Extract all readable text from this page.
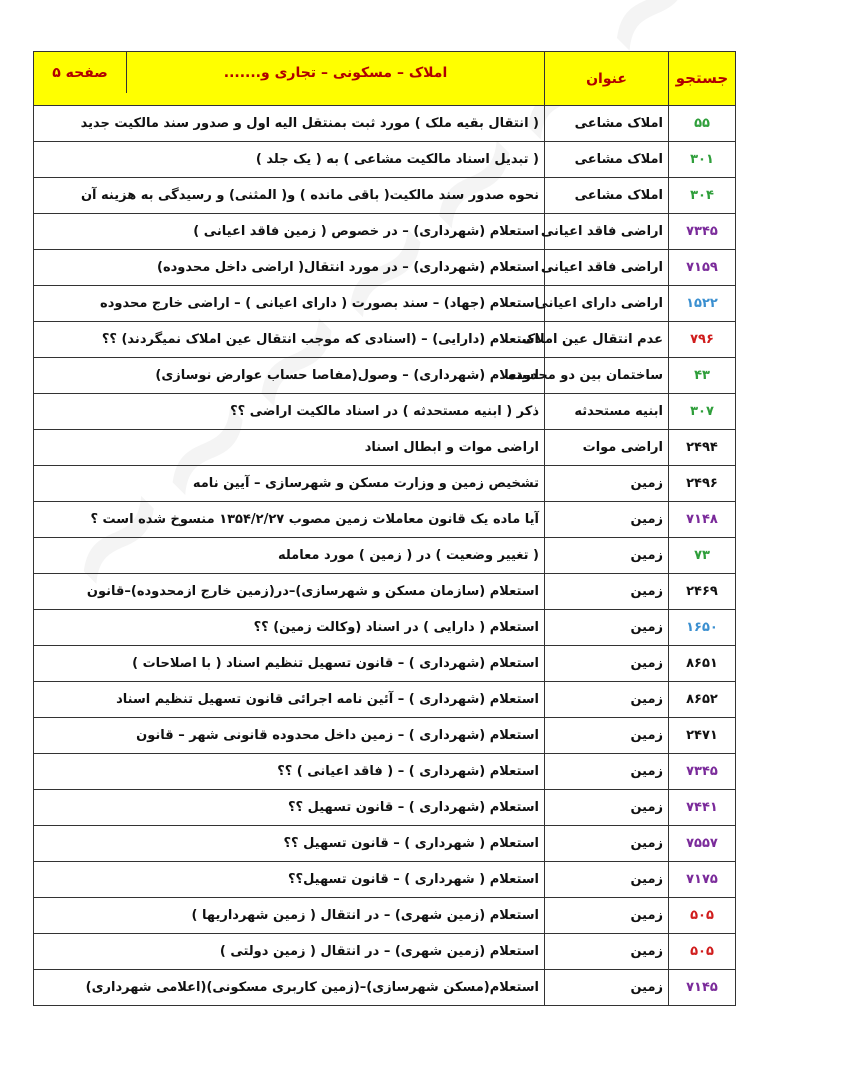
جستجو	عنوان	املاک – مسکونی – تجاری و.......
صفحه ۵

۵۵	املاک مشاعی	( انتقال بقیه ملک ) مورد ثبت بمنتقل الیه اول و صدور سند مالکیت جدید
۳۰۱	املاک مشاعی	( تبدیل اسناد مالکیت مشاعی ) به ( یک جلد )
۳۰۴	املاک مشاعی	نحوه صدور سند مالکیت( باقی مانده ) و( المثنی) و رسیدگی به هزینه آن
۷۳۴۵	اراضی فاقد اعیانی	استعلام (شهرداری) – در خصوص ( زمین فاقد اعیانی )
۷۱۵۹	اراضی فاقد اعیانی	استعلام (شهرداری) – در مورد انتقال( اراضی داخل محدوده)
۱۵۲۲	اراضی دارای اعیانی	استعلام (جهاد) – سند بصورت ( دارای اعیانی ) – اراضی خارج محدوده
۷۹۶	عدم انتقال عین املاک	استعلام (دارایی) – (اسنادی که موجب انتقال عین املاک نمیگردند) ؟؟
۴۳	ساختمان بین دو محدوده	استعلام (شهرداری) – وصول(مفاصا حساب عوارض نوسازی)
۳۰۷	ابنیه مستحدثه	ذکر ( ابنیه مستحدثه ) در اسناد مالکیت اراضی ؟؟
۲۴۹۴	اراضی موات	اراضی موات و ابطال اسناد
۲۴۹۶	زمین	تشخیص زمین و وزارت مسکن و شهرسازی – آیین نامه
۷۱۴۸	زمین	آیا ماده یک قانون معاملات زمین مصوب ۱۳۵۴/۲/۲۷ منسوخ شده است ؟
۷۳	زمین	( تغییر وضعیت ) در ( زمین ) مورد معامله
۲۴۶۹	زمین	استعلام (سازمان مسکن و شهرسازی)–در(زمین خارج ازمحدوده)–قانون
۱۶۵۰	زمین	استعلام ( دارایی ) در اسناد (وکالت زمین) ؟؟
۸۶۵۱	زمین	استعلام (شهرداری ) – قانون تسهیل تنظیم اسناد ( با اصلاحات )
۸۶۵۲	زمین	استعلام (شهرداری ) – آئین نامه اجرائی قانون تسهیل تنظیم اسناد
۲۴۷۱	زمین	استعلام (شهرداری ) – زمین داخل محدوده قانونی شهر – قانون
۷۳۴۵	زمین	استعلام (شهرداری ) – ( فاقد اعیانی ) ؟؟
۷۴۴۱	زمین	استعلام (شهرداری ) – قانون تسهیل ؟؟
۷۵۵۷	زمین	استعلام ( شهرداری ) – قانون تسهیل ؟؟
۷۱۷۵	زمین	استعلام ( شهرداری ) – قانون تسهیل؟؟
۵۰۵	زمین	استعلام (زمین شهری) – در انتقال ( زمین شهرداریها )
۵۰۵	زمین	استعلام (زمین شهری) – در انتقال ( زمین دولتی )
۷۱۴۵	زمین	استعلام(مسکن شهرسازی)–(زمین کاربری مسکونی)(اعلامی شهرداری)
